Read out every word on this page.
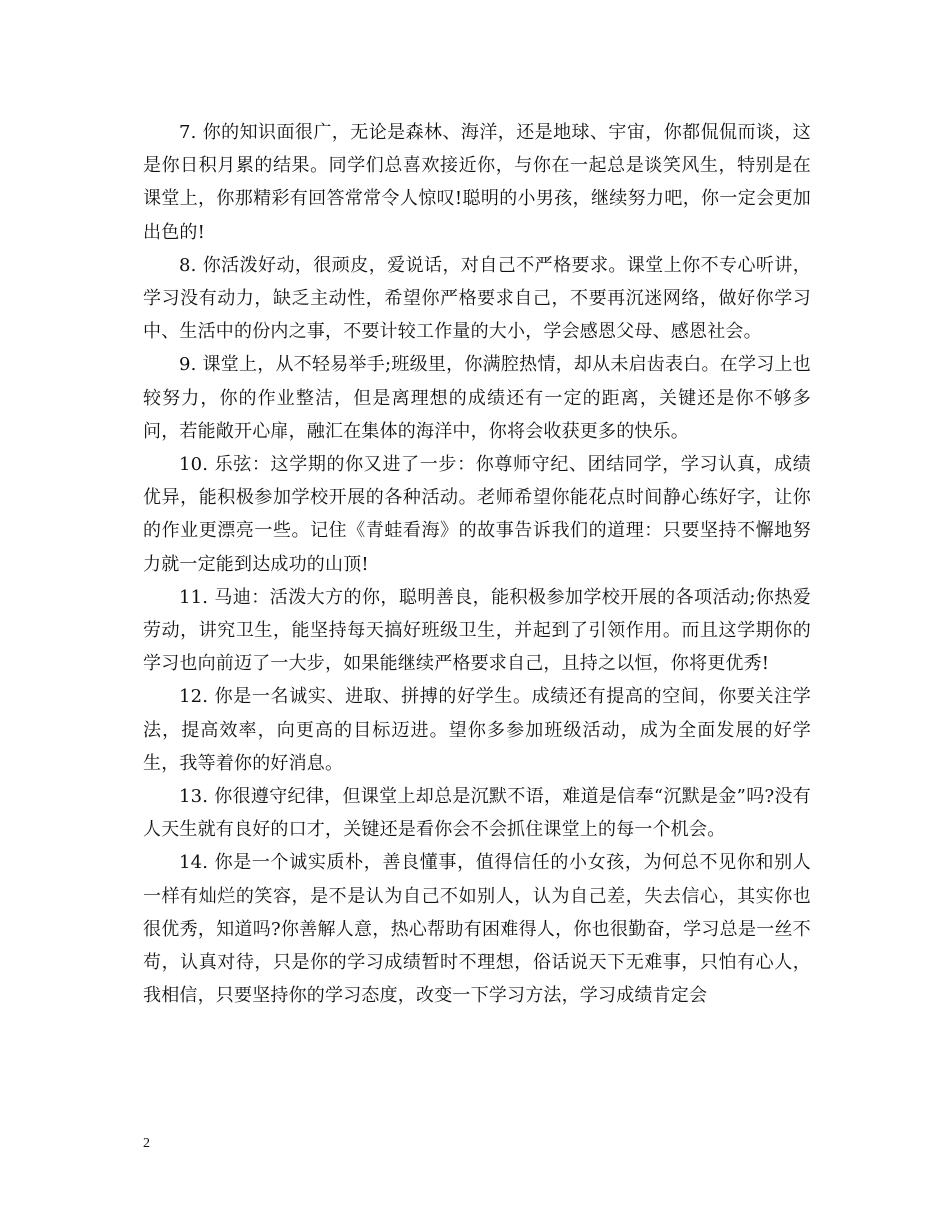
7. 你的知识面很广，无论是森林、海洋，还是地球、宇宙，你都侃侃而谈，这是你日积月累的结果。同学们总喜欢接近你，与你在一起总是谈笑风生，特别是在课堂上，你那精彩有回答常常令人惊叹!聪明的小男孩，继续努力吧，你一定会更加出色的!

8. 你活泼好动，很顽皮，爱说话，对自己不严格要求。课堂上你不专心听讲，学习没有动力，缺乏主动性，希望你严格要求自己，不要再沉迷网络，做好你学习中、生活中的份内之事，不要计较工作量的大小，学会感恩父母、感恩社会。

9. 课堂上，从不轻易举手;班级里，你满腔热情，却从未启齿表白。在学习上也较努力，你的作业整洁，但是离理想的成绩还有一定的距离，关键还是你不够多问，若能敞开心扉，融汇在集体的海洋中，你将会收获更多的快乐。

10. 乐弦：这学期的你又进了一步：你尊师守纪、团结同学，学习认真，成绩优异，能积极参加学校开展的各种活动。老师希望你能花点时间静心练好字，让你的作业更漂亮一些。记住《青蛙看海》的故事告诉我们的道理：只要坚持不懈地努力就一定能到达成功的山顶!

11. 马迪：活泼大方的你，聪明善良，能积极参加学校开展的各项活动;你热爱劳动，讲究卫生，能坚持每天搞好班级卫生，并起到了引领作用。而且这学期你的学习也向前迈了一大步，如果能继续严格要求自己，且持之以恒，你将更优秀!

12. 你是一名诚实、进取、拼搏的好学生。成绩还有提高的空间，你要关注学法，提高效率，向更高的目标迈进。望你多参加班级活动，成为全面发展的好学生，我等着你的好消息。

13. 你很遵守纪律，但课堂上却总是沉默不语，难道是信奉“沉默是金”吗?没有人天生就有良好的口才，关键还是看你会不会抓住课堂上的每一个机会。

14. 你是一个诚实质朴，善良懂事，值得信任的小女孩，为何总不见你和别人一样有灿烂的笑容，是不是认为自己不如别人，认为自己差，失去信心，其实你也很优秀，知道吗?你善解人意，热心帮助有困难得人，你也很勤奋，学习总是一丝不苟，认真对待，只是你的学习成绩暂时不理想，俗话说天下无难事，只怕有心人，我相信，只要坚持你的学习态度，改变一下学习方法，学习成绩肯定会

2
